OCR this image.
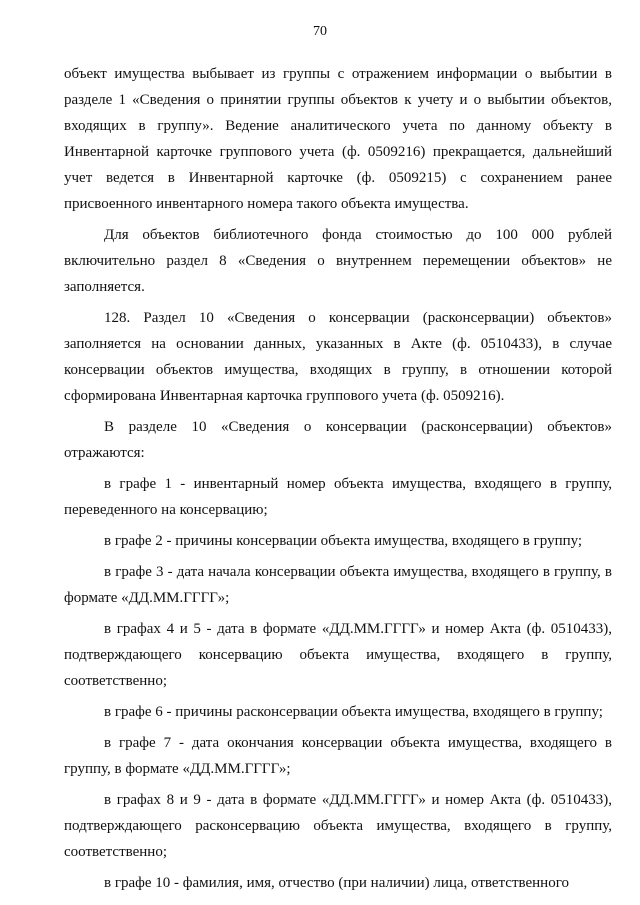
70

объект имущества выбывает из группы с отражением информации о выбытии в разделе 1 «Сведения о принятии группы объектов к учету и о выбытии объектов, входящих в группу». Ведение аналитического учета по данному объекту в Инвентарной карточке группового учета (ф. 0509216) прекращается, дальнейший учет ведется в Инвентарной карточке (ф. 0509215) с сохранением ранее присвоенного инвентарного номера такого объекта имущества.

Для объектов библиотечного фонда стоимостью до 100 000 рублей включительно раздел 8 «Сведения о внутреннем перемещении объектов» не заполняется.

128. Раздел 10 «Сведения о консервации (расконсервации) объектов» заполняется на основании данных, указанных в Акте (ф. 0510433), в случае консервации объектов имущества, входящих в группу, в отношении которой сформирована Инвентарная карточка группового учета (ф. 0509216).

В разделе 10 «Сведения о консервации (расконсервации) объектов» отражаются:

в графе 1 - инвентарный номер объекта имущества, входящего в группу, переведенного на консервацию;

в графе 2 - причины консервации объекта имущества, входящего в группу;

в графе 3 - дата начала консервации объекта имущества, входящего в группу, в формате «ДД.ММ.ГГГГ»;

в графах 4 и 5 - дата в формате «ДД.ММ.ГГГГ» и номер Акта (ф. 0510433), подтверждающего консервацию объекта имущества, входящего в группу, соответственно;

в графе 6 - причины расконсервации объекта имущества, входящего в группу;

в графе 7 - дата окончания консервации объекта имущества, входящего в группу, в формате «ДД.ММ.ГГГГ»;

в графах 8 и 9 - дата в формате «ДД.ММ.ГГГГ» и номер Акта (ф. 0510433), подтверждающего расконсервацию объекта имущества, входящего в группу, соответственно;

в графе 10 - фамилия, имя, отчество (при наличии) лица, ответственного
